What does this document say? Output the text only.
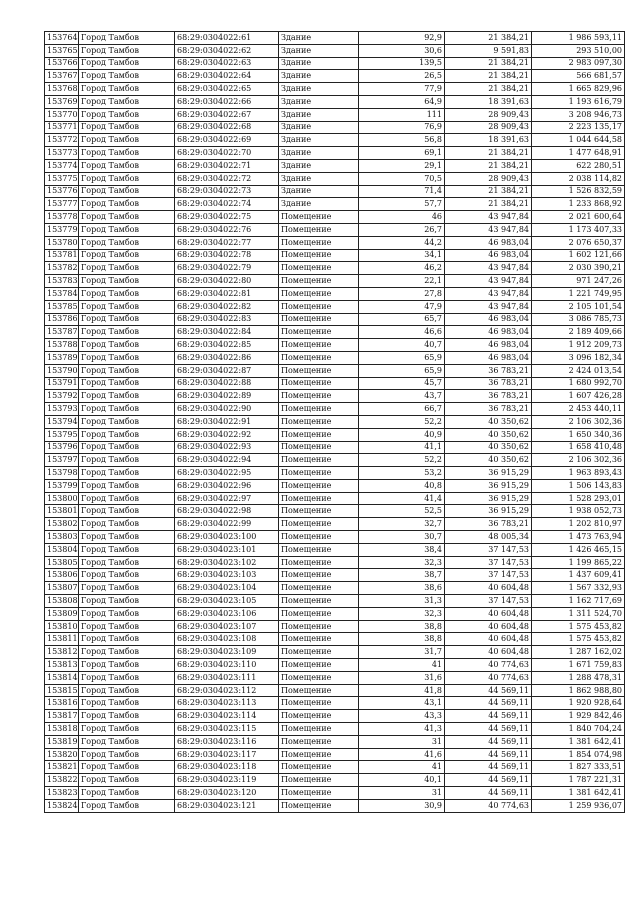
153764	Город Тамбов	68:29:0304022:61	Здание	92,9	21 384,21	1 986 593,11
153765	Город Тамбов	68:29:0304022:62	Здание	30,6	9 591,83	293 510,00
153766	Город Тамбов	68:29:0304022:63	Здание	139,5	21 384,21	2 983 097,30
153767	Город Тамбов	68:29:0304022:64	Здание	26,5	21 384,21	566 681,57
153768	Город Тамбов	68:29:0304022:65	Здание	77,9	21 384,21	1 665 829,96
153769	Город Тамбов	68:29:0304022:66	Здание	64,9	18 391,63	1 193 616,79
153770	Город Тамбов	68:29:0304022:67	Здание	111	28 909,43	3 208 946,73
153771	Город Тамбов	68:29:0304022:68	Здание	76,9	28 909,43	2 223 135,17
153772	Город Тамбов	68:29:0304022:69	Здание	56,8	18 391,63	1 044 644,58
153773	Город Тамбов	68:29:0304022:70	Здание	69,1	21 384,21	1 477 648,91
153774	Город Тамбов	68:29:0304022:71	Здание	29,1	21 384,21	622 280,51
153775	Город Тамбов	68:29:0304022:72	Здание	70,5	28 909,43	2 038 114,82
153776	Город Тамбов	68:29:0304022:73	Здание	71,4	21 384,21	1 526 832,59
153777	Город Тамбов	68:29:0304022:74	Здание	57,7	21 384,21	1 233 868,92
153778	Город Тамбов	68:29:0304022:75	Помещение	46	43 947,84	2 021 600,64
153779	Город Тамбов	68:29:0304022:76	Помещение	26,7	43 947,84	1 173 407,33
153780	Город Тамбов	68:29:0304022:77	Помещение	44,2	46 983,04	2 076 650,37
153781	Город Тамбов	68:29:0304022:78	Помещение	34,1	46 983,04	1 602 121,66
153782	Город Тамбов	68:29:0304022:79	Помещение	46,2	43 947,84	2 030 390,21
153783	Город Тамбов	68:29:0304022:80	Помещение	22,1	43 947,84	971 247,26
153784	Город Тамбов	68:29:0304022:81	Помещение	27,8	43 947,84	1 221 749,95
153785	Город Тамбов	68:29:0304022:82	Помещение	47,9	43 947,84	2 105 101,54
153786	Город Тамбов	68:29:0304022:83	Помещение	65,7	46 983,04	3 086 785,73
153787	Город Тамбов	68:29:0304022:84	Помещение	46,6	46 983,04	2 189 409,66
153788	Город Тамбов	68:29:0304022:85	Помещение	40,7	46 983,04	1 912 209,73
153789	Город Тамбов	68:29:0304022:86	Помещение	65,9	46 983,04	3 096 182,34
153790	Город Тамбов	68:29:0304022:87	Помещение	65,9	36 783,21	2 424 013,54
153791	Город Тамбов	68:29:0304022:88	Помещение	45,7	36 783,21	1 680 992,70
153792	Город Тамбов	68:29:0304022:89	Помещение	43,7	36 783,21	1 607 426,28
153793	Город Тамбов	68:29:0304022:90	Помещение	66,7	36 783,21	2 453 440,11
153794	Город Тамбов	68:29:0304022:91	Помещение	52,2	40 350,62	2 106 302,36
153795	Город Тамбов	68:29:0304022:92	Помещение	40,9	40 350,62	1 650 340,36
153796	Город Тамбов	68:29:0304022:93	Помещение	41,1	40 350,62	1 658 410,48
153797	Город Тамбов	68:29:0304022:94	Помещение	52,2	40 350,62	2 106 302,36
153798	Город Тамбов	68:29:0304022:95	Помещение	53,2	36 915,29	1 963 893,43
153799	Город Тамбов	68:29:0304022:96	Помещение	40,8	36 915,29	1 506 143,83
153800	Город Тамбов	68:29:0304022:97	Помещение	41,4	36 915,29	1 528 293,01
153801	Город Тамбов	68:29:0304022:98	Помещение	52,5	36 915,29	1 938 052,73
153802	Город Тамбов	68:29:0304022:99	Помещение	32,7	36 783,21	1 202 810,97
153803	Город Тамбов	68:29:0304023:100	Помещение	30,7	48 005,34	1 473 763,94
153804	Город Тамбов	68:29:0304023:101	Помещение	38,4	37 147,53	1 426 465,15
153805	Город Тамбов	68:29:0304023:102	Помещение	32,3	37 147,53	1 199 865,22
153806	Город Тамбов	68:29:0304023:103	Помещение	38,7	37 147,53	1 437 609,41
153807	Город Тамбов	68:29:0304023:104	Помещение	38,6	40 604,48	1 567 332,93
153808	Город Тамбов	68:29:0304023:105	Помещение	31,3	37 147,53	1 162 717,69
153809	Город Тамбов	68:29:0304023:106	Помещение	32,3	40 604,48	1 311 524,70
153810	Город Тамбов	68:29:0304023:107	Помещение	38,8	40 604,48	1 575 453,82
153811	Город Тамбов	68:29:0304023:108	Помещение	38,8	40 604,48	1 575 453,82
153812	Город Тамбов	68:29:0304023:109	Помещение	31,7	40 604,48	1 287 162,02
153813	Город Тамбов	68:29:0304023:110	Помещение	41	40 774,63	1 671 759,83
153814	Город Тамбов	68:29:0304023:111	Помещение	31,6	40 774,63	1 288 478,31
153815	Город Тамбов	68:29:0304023:112	Помещение	41,8	44 569,11	1 862 988,80
153816	Город Тамбов	68:29:0304023:113	Помещение	43,1	44 569,11	1 920 928,64
153817	Город Тамбов	68:29:0304023:114	Помещение	43,3	44 569,11	1 929 842,46
153818	Город Тамбов	68:29:0304023:115	Помещение	41,3	44 569,11	1 840 704,24
153819	Город Тамбов	68:29:0304023:116	Помещение	31	44 569,11	1 381 642,41
153820	Город Тамбов	68:29:0304023:117	Помещение	41,6	44 569,11	1 854 074,98
153821	Город Тамбов	68:29:0304023:118	Помещение	41	44 569,11	1 827 333,51
153822	Город Тамбов	68:29:0304023:119	Помещение	40,1	44 569,11	1 787 221,31
153823	Город Тамбов	68:29:0304023:120	Помещение	31	44 569,11	1 381 642,41
153824	Город Тамбов	68:29:0304023:121	Помещение	30,9	40 774,63	1 259 936,07
